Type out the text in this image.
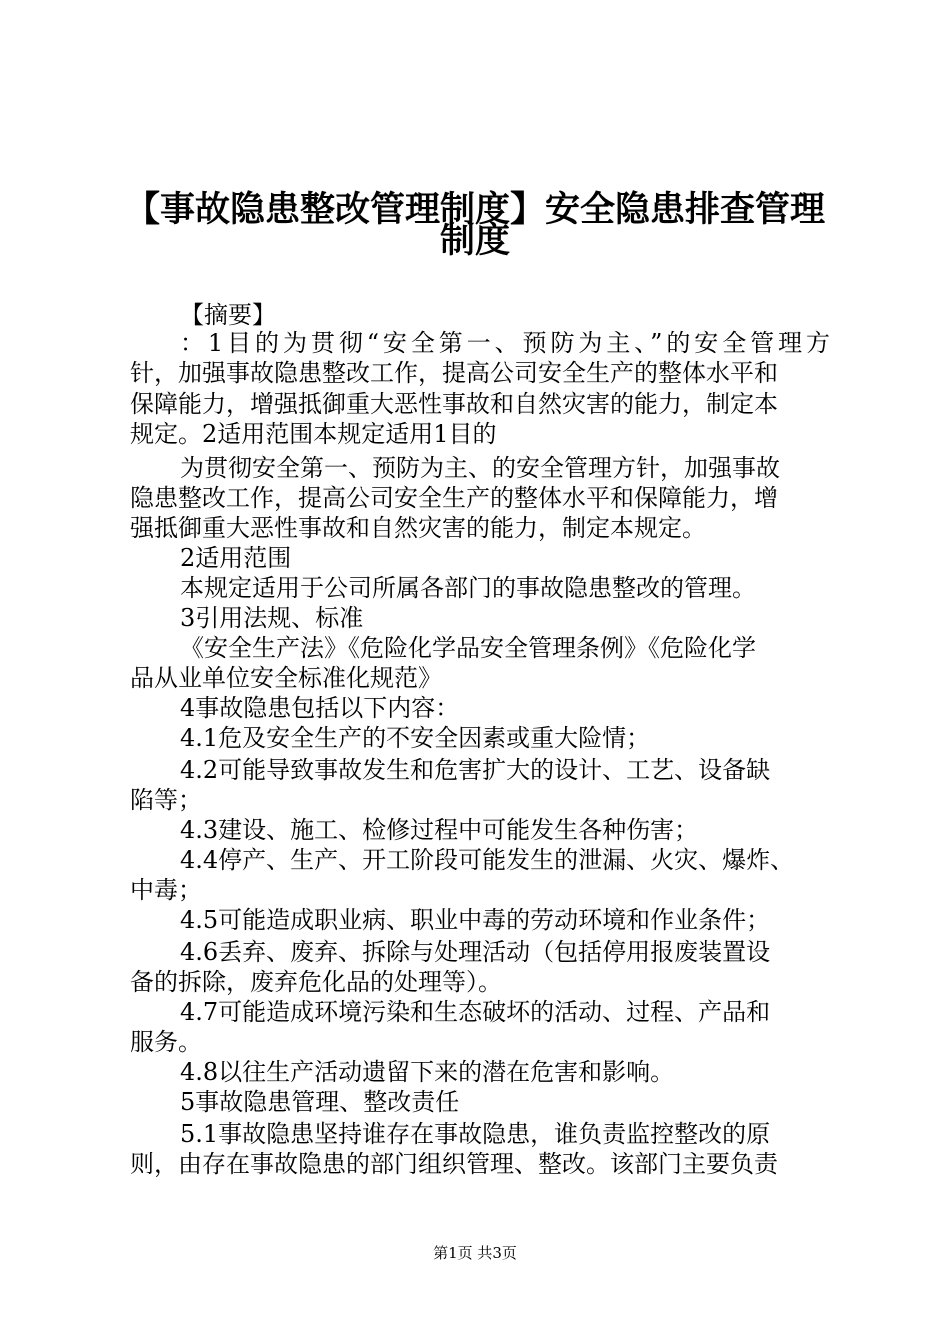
【事故隐患整改管理制度】安全隐患排查管理
制度
【摘要】
：1目的为贯彻“安全第一、预防为主、”的安全管理方
针，加强事故隐患整改工作，提高公司安全生产的整体水平和
保障能力，增强抵御重大恶性事故和自然灾害的能力，制定本
规定。2适用范围本规定适用1目的
为贯彻安全第一、预防为主、的安全管理方针，加强事故
隐患整改工作，提高公司安全生产的整体水平和保障能力，增
强抵御重大恶性事故和自然灾害的能力，制定本规定。
2适用范围
本规定适用于公司所属各部门的事故隐患整改的管理。
3引用法规、标准
《安全生产法》《危险化学品安全管理条例》《危险化学
品从业单位安全标准化规范》
4事故隐患包括以下内容：
4.1危及安全生产的不安全因素或重大险情；
4.2可能导致事故发生和危害扩大的设计、工艺、设备缺
陷等；
4.3建设、施工、检修过程中可能发生各种伤害；
4.4停产、生产、开工阶段可能发生的泄漏、火灾、爆炸、
中毒；
4.5可能造成职业病、职业中毒的劳动环境和作业条件；
4.6丢弃、废弃、拆除与处理活动（包括停用报废装置设
备的拆除，废弃危化品的处理等）。
4.7可能造成环境污染和生态破坏的活动、过程、产品和
服务。
4.8以往生产活动遗留下来的潜在危害和影响。
5事故隐患管理、整改责任
5.1事故隐患坚持谁存在事故隐患，谁负责监控整改的原
则，由存在事故隐患的部门组织管理、整改。该部门主要负责
第1页 共3页
